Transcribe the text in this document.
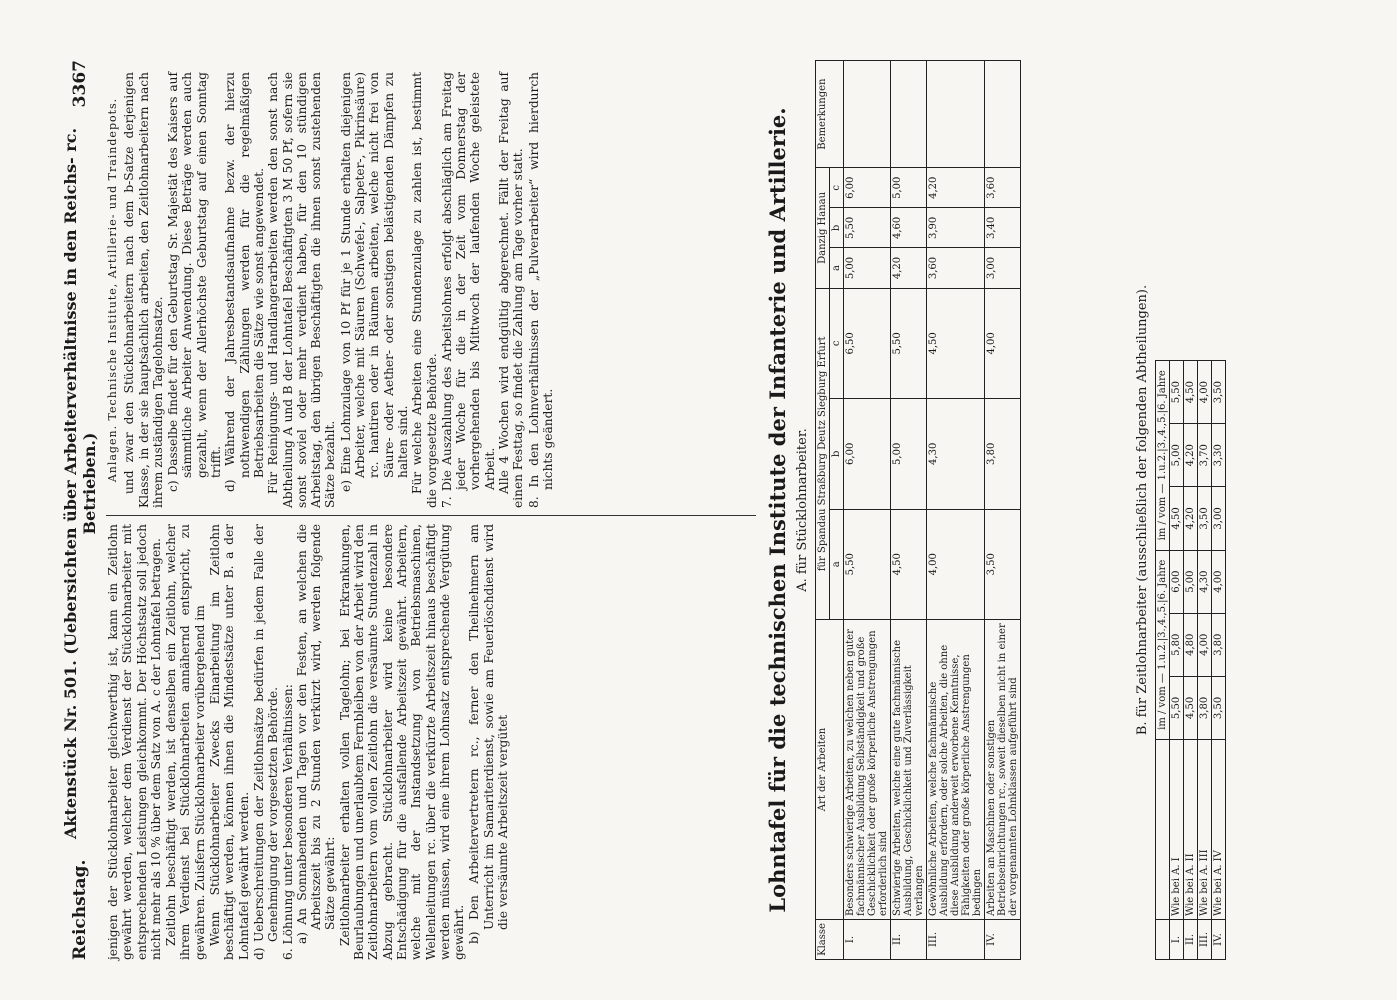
Reichstag.
Aktenstück Nr. 501. (Uebersichten über Arbeiterverhältnisse in den Reichs- rc. Betrieben.)
3367

jenigen der Stücklohnarbeiter gleichwerthig ist, kann ein Zeitlohn gewährt werden, welcher dem Verdienst der Stücklohnarbeiter mit entsprechenden Leistungen gleichkommt. Der Höchstsatz soll jedoch nicht mehr als 10 % über dem Satz von A. c der Lohntafel betragen. Zeitlohn beschäftigt werden, ist denselben ein Zeitlohn, welcher ihrem Verdienst bei Stücklohnarbeiten annähernd entspricht, zu gewähren. Zuisfern Stücklohnarbeiter vorübergehend im Wenn Stücklohnarbeiter Zwecks Einarbeitung im Zeitlohn beschäftigt werden, können ihnen die Mindestsätze unter B. a der Lohntafel gewährt werden. d) Ueberschreitungen der Zeitlohnsätze bedürfen in jedem Falle der Genehmigung der vorgesetzten Behörde. 6. Löhnung unter besonderen Verhältnissen: a) An Sonnabenden und Tagen vor den Festen, an welchen die Arbeitszeit bis zu 2 Stunden verkürzt wird, werden folgende Sätze gewährt: Zeitlohnarbeiter erhalten vollen Tagelohn; bei Erkrankungen, Beurlaubungen und unerlaubtem Fernbleiben von der Arbeit wird den Zeitlohnarbeitern vom vollen Zeitlohn die versäumte Stundenzahl in Abzug gebracht. Stücklohnarbeiter wird keine besondere Entschädigung für die ausfallende Arbeitszeit gewährt. Arbeitern, welche mit der Instandsetzung von Betriebsmaschinen, Wellenleitungen rc. über die verkürzte Arbeitszeit hinaus beschäftigt werden müssen, wird eine ihrem Lohnsatz entsprechende Vergütung gewährt. b) Den Arbeitervertretern rc., ferner den Theilnehmern am Unterricht im Samariterdienst, sowie am Feuerlöschdienst wird die versäumte Arbeitszeit vergütet

Anlagen. Technische Institute, Artillerie- und Traindepots. und zwar den Stücklohnarbeitern nach dem b-Satze derjenigen Klasse, in der sie hauptsächlich arbeiten, den Zeitlohnarbeitern nach ihrem zuständigen Tagelohnsatze. c) Dasselbe findet für den Geburtstag Sr. Majestät des Kaisers auf sämmtliche Arbeiter Anwendung. Diese Beträge werden auch gezahlt, wenn der Allerhöchste Geburtstag auf einen Sonntag trifft. d) Während der Jahresbestandsaufnahme bezw. der hierzu nothwendigen Zählungen werden für die regelmäßigen Betriebsarbeiten die Sätze wie sonst angewendet. Für Reinigungs- und Handlangerarbeiten werden den sonst nach Abtheilung A und B der Lohntafel Beschäftigten 3 M 50 Pf, sofern sie sonst soviel oder mehr verdient haben, für den 10 stündigen Arbeitstag, den übrigen Beschäftigten die ihnen sonst zustehenden Sätze bezahlt. e) Eine Lohnzulage von 10 Pf für je 1 Stunde erhalten diejenigen Arbeiter, welche mit Säuren (Schwefel-, Salpeter-, Pikrinsäure) rc. hantiren oder in Räumen arbeiten, welche nicht frei von Säure- oder Aether- oder sonstigen belästigenden Dämpfen zu halten sind. Für welche Arbeiten eine Stundenzulage zu zahlen ist, bestimmt die vorgesetzte Behörde. 7. Die Auszahlung des Arbeitslohnes erfolgt abschläglich am Freitag jeder Woche für die in der Zeit vom Donnerstag der vorhergehenden bis Mittwoch der laufenden Woche geleistete Arbeit. Alle 4 Wochen wird endgültig abgerechnet. Fällt der Freitag auf einen Festtag, so findet die Zahlung am Tage vorher statt. 8. In den Lohnverhältnissen der „Pulverarbeiter“ wird hierdurch nichts geändert.	Lohntafel für die technischen Institute der Infanterie und Artillerie. A. für Stücklohnarbeiter.
Klasse	Art der Arbeiten	für Spandau Straßburg Deutz Siegburg Erfurt			Danzig Hanau			Bemerkungen
		a	b	c	a	b	c	
I.	Besonders schwierige Arbeiten, zu welchen neben guter fachmännischer Ausbildung Selbständigkeit und große Geschicklichkeit oder große körperliche Anstrengungen erforderlich sind	5,50	6,00	6,50	5,00	5,50	6,00	
II.	Schwierige Arbeiten, welche eine gute fachmännische Ausbildung, Geschicklichkeit und Zuverlässigkeit verlangen	4,50	5,00	5,50	4,20	4,60	5,00	
III.	Gewöhnliche Arbeiten, welche fachmännische Ausbildung erfordern, oder solche Arbeiten, die ohne diese Ausbildung anderweit erworbene Kenntnisse, Fähigkeiten oder große körperliche Anstrengungen bedingen	4,00	4,30	4,50	3,60	3,90	4,20	
IV.	Arbeiten an Maschinen oder sonstigen Betriebseinrichtungen rc., soweit dieselben nicht in einer der vorgenannten Lohnklassen aufgeführt sind	3,50	3,80	4,00	3,00	3,40	3,60	
B. für Zeitlohnarbeiter (ausschließlich der folgenden Abtheilungen).
		im / vom — 1.u.2.|3.,4.,5.|6. Jahre			im / vom — 1.u.2.|3.,4.,5.|6. Jahre		
I.	Wie bei A. I	5,50	5,80	6,00	4,50	5,00	5,50
II.	Wie bei A. II	4,50	4,80	5,00	4,20	4,20	4,50
III.	Wie bei A. III	3,80	4,00	4,30	3,50	3,70	4,00
IV.	Wie bei A. IV	3,50	3,80	4,00	3,00	3,30	3,50
